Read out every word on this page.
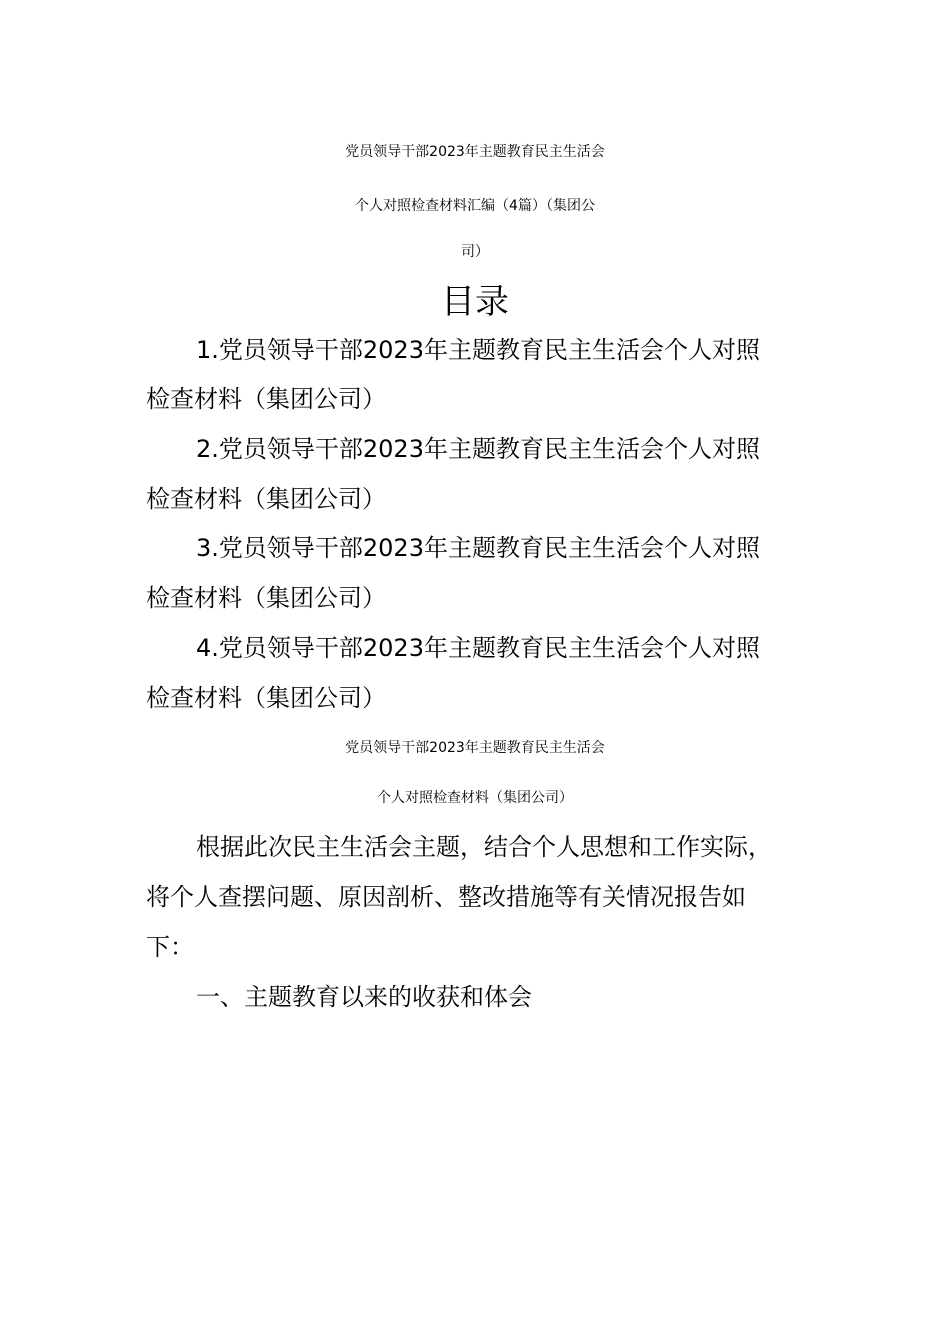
党员领导干部2023年主题教育民主生活会
个人对照检查材料汇编（4篇）（集团公
司）
目录
1.党员领导干部2023年主题教育民主生活会个人对照
检查材料（集团公司）
2.党员领导干部2023年主题教育民主生活会个人对照
检查材料（集团公司）
3.党员领导干部2023年主题教育民主生活会个人对照
检查材料（集团公司）
4.党员领导干部2023年主题教育民主生活会个人对照
检查材料（集团公司）
党员领导干部2023年主题教育民主生活会
个人对照检查材料（集团公司）
根据此次民主生活会主题，结合个人思想和工作实际，
将个人查摆问题、原因剖析、整改措施等有关情况报告如
下：
一、主题教育以来的收获和体会
